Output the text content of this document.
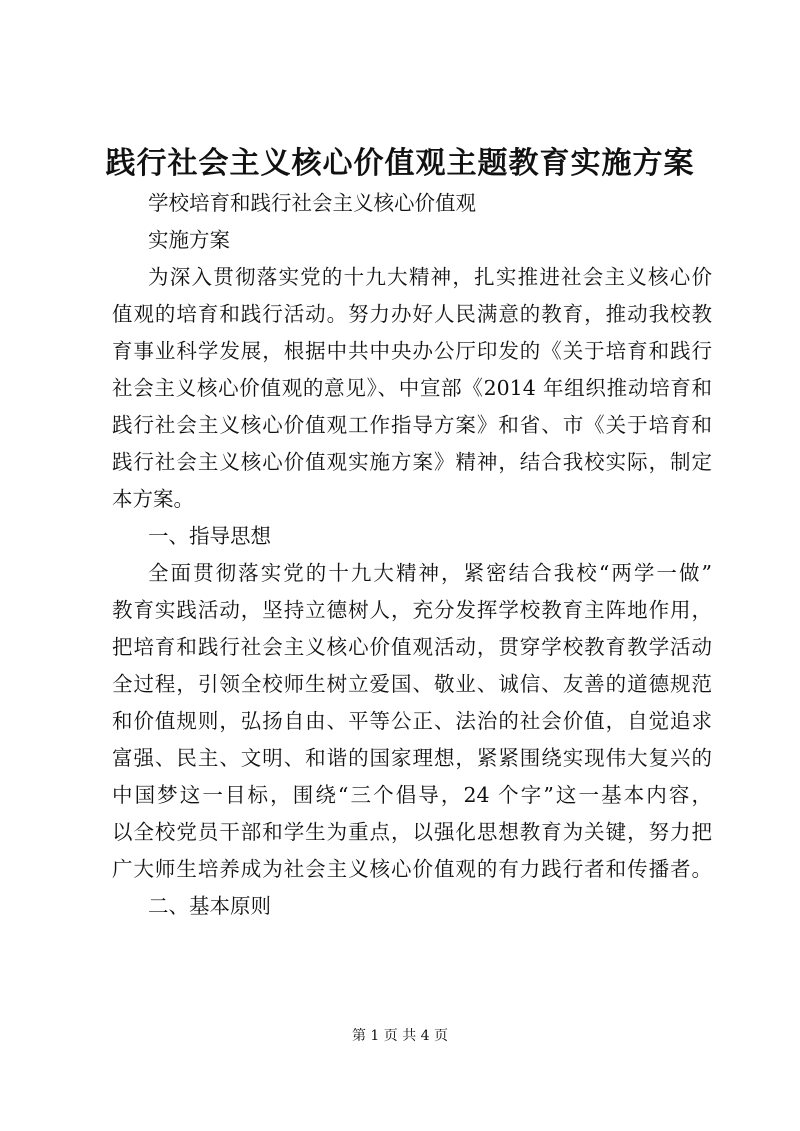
践行社会主义核心价值观主题教育实施方案
学校培育和践行社会主义核心价值观
实施方案
为深入贯彻落实党的十九大精神，扎实推进社会主义核心价
值观的培育和践行活动。努力办好人民满意的教育，推动我校教
育事业科学发展，根据中共中央办公厅印发的《关于培育和践行
社会主义核心价值观的意见》、中宣部《2014 年组织推动培育和
践行社会主义核心价值观工作指导方案》和省、市《关于培育和
践行社会主义核心价值观实施方案》精神，结合我校实际，制定
本方案。
一、指导思想
全面贯彻落实党的十九大精神，紧密结合我校“两学一做”
教育实践活动，坚持立德树人，充分发挥学校教育主阵地作用，
把培育和践行社会主义核心价值观活动，贯穿学校教育教学活动
全过程，引领全校师生树立爱国、敬业、诚信、友善的道德规范
和价值规则，弘扬自由、平等公正、法治的社会价值，自觉追求
富强、民主、文明、和谐的国家理想，紧紧围绕实现伟大复兴的
中国梦这一目标，围绕“三个倡导，24 个字”这一基本内容，
以全校党员干部和学生为重点，以强化思想教育为关键，努力把
广大师生培养成为社会主义核心价值观的有力践行者和传播者。
二、基本原则
第 1 页 共 4 页
